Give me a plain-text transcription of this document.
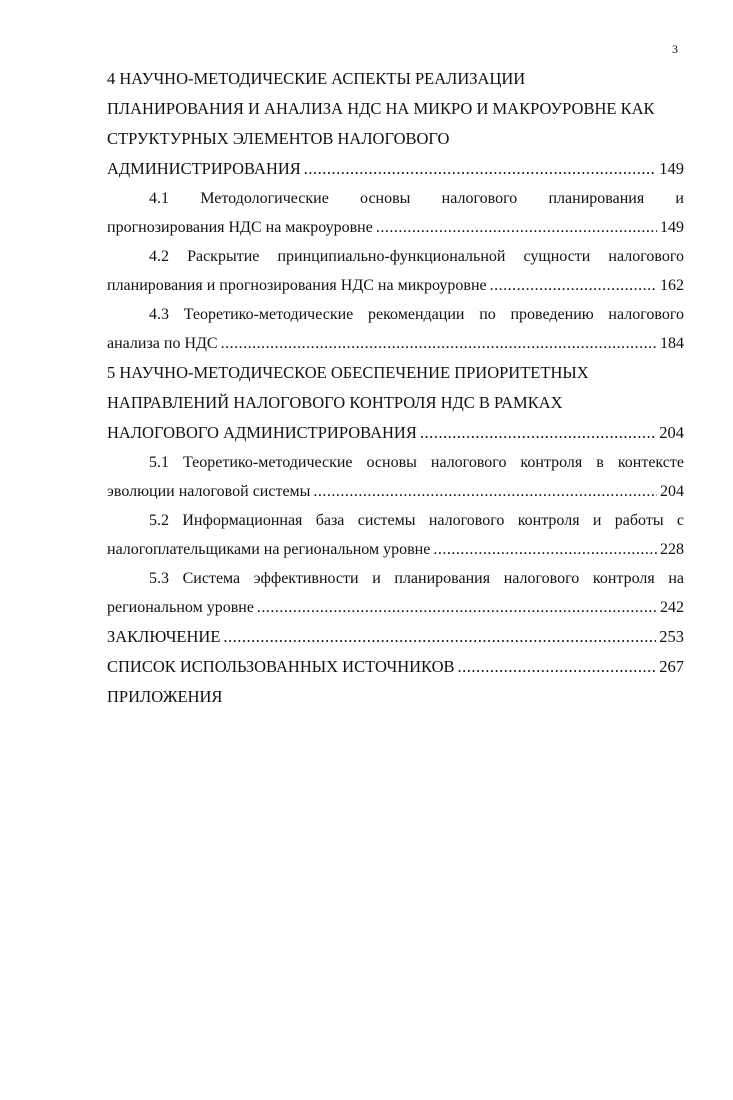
3
4 НАУЧНО-МЕТОДИЧЕСКИЕ АСПЕКТЫ РЕАЛИЗАЦИИ
ПЛАНИРОВАНИЯ И АНАЛИЗА НДС НА МИКРО И МАКРОУРОВНЕ КАК
СТРУКТУРНЫХ ЭЛЕМЕНТОВ НАЛОГОВОГО
АДМИНИСТРИРОВАНИЯ .....	149
4.1 Методологические основы налогового планирования и
прогнозирования НДС на макроуровне .....	149
4.2 Раскрытие принципиально-функциональной сущности налогового
планирования и прогнозирования НДС на микроуровне .....	162
4.3 Теоретико-методические рекомендации по проведению налогового
анализа по НДС .....	184
5 НАУЧНО-МЕТОДИЧЕСКОЕ ОБЕСПЕЧЕНИЕ ПРИОРИТЕТНЫХ
НАПРАВЛЕНИЙ НАЛОГОВОГО КОНТРОЛЯ НДС В РАМКАХ
НАЛОГОВОГО АДМИНИСТРИРОВАНИЯ .....	204
5.1 Теоретико-методические основы налогового контроля в контексте
эволюции налоговой системы .....	204
5.2 Информационная база системы налогового контроля и работы с
налогоплательщиками на региональном уровне .....	228
5.3 Система эффективности и планирования налогового контроля на
региональном уровне .....	242
ЗАКЛЮЧЕНИЕ .....	253
СПИСОК ИСПОЛЬЗОВАННЫХ ИСТОЧНИКОВ .....	267
ПРИЛОЖЕНИЯ
